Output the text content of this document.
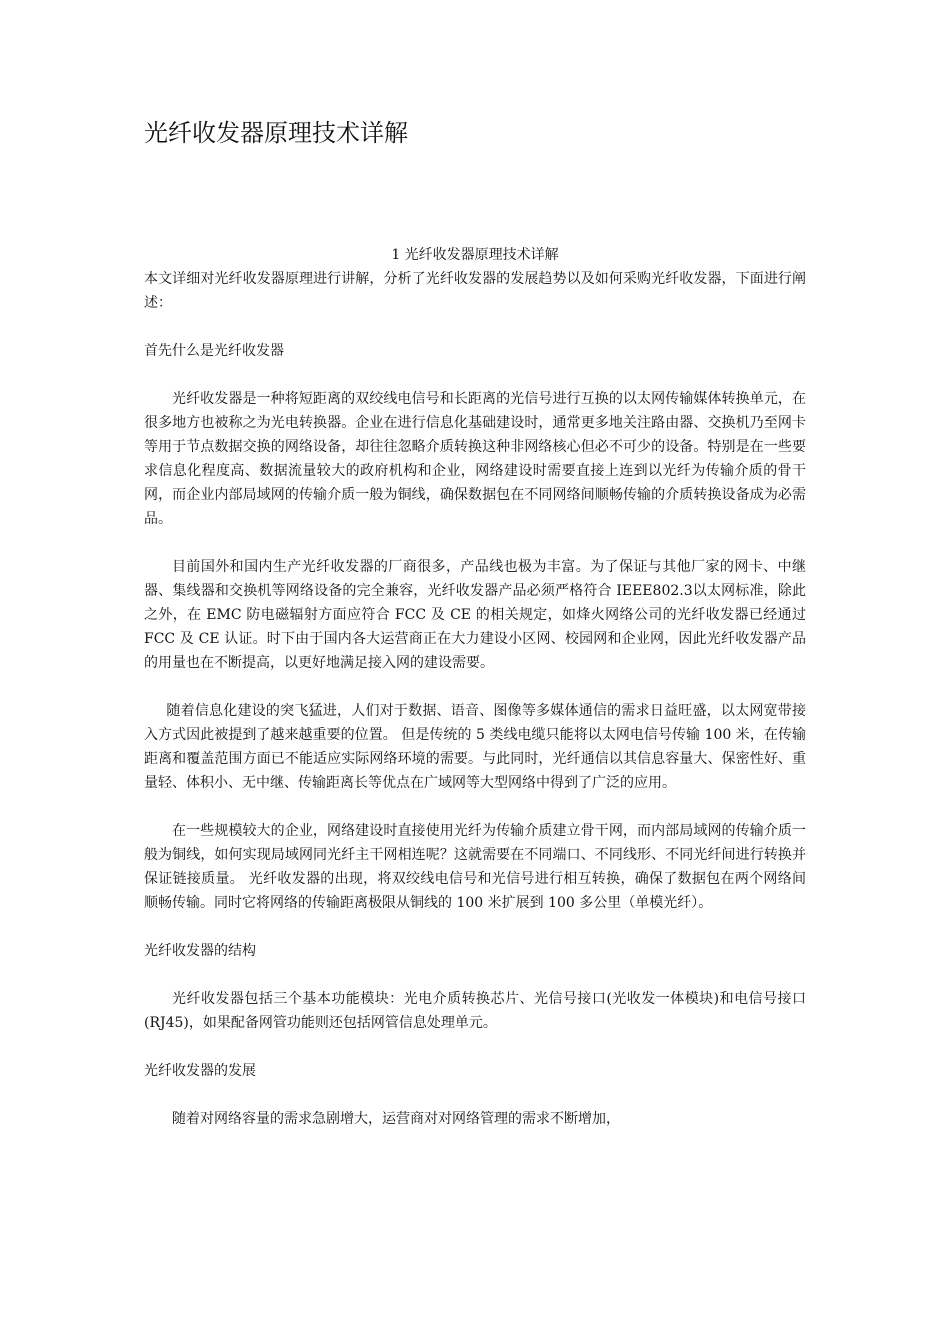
光纤收发器原理技术详解

1 光纤收发器原理技术详解

本文详细对光纤收发器原理进行讲解，分析了光纤收发器的发展趋势以及如何采购光纤收发器，下面进行阐述：

首先什么是光纤收发器

光纤收发器是一种将短距离的双绞线电信号和长距离的光信号进行互换的以太网传输媒体转换单元，在很多地方也被称之为光电转换器。企业在进行信息化基础建设时，通常更多地关注路由器、交换机乃至网卡等用于节点数据交换的网络设备，却往往忽略介质转换这种非网络核心但必不可少的设备。特别是在一些要求信息化程度高、数据流量较大的政府机构和企业，网络建设时需要直接上连到以光纤为传输介质的骨干网，而企业内部局域网的传输介质一般为铜线，确保数据包在不同网络间顺畅传输的介质转换设备成为必需品。

目前国外和国内生产光纤收发器的厂商很多，产品线也极为丰富。为了保证与其他厂家的网卡、中继器、集线器和交换机等网络设备的完全兼容，光纤收发器产品必须严格符合 IEEE802.3以太网标准，除此之外，在 EMC 防电磁辐射方面应符合 FCC 及 CE 的相关规定，如烽火网络公司的光纤收发器已经通过 FCC 及 CE 认证。时下由于国内各大运营商正在大力建设小区网、校园网和企业网，因此光纤收发器产品的用量也在不断提高，以更好地满足接入网的建设需要。

随着信息化建设的突飞猛进，人们对于数据、语音、图像等多媒体通信的需求日益旺盛，以太网宽带接入方式因此被提到了越来越重要的位置。 但是传统的 5 类线电缆只能将以太网电信号传输 100 米，在传输距离和覆盖范围方面已不能适应实际网络环境的需要。与此同时，光纤通信以其信息容量大、保密性好、重量轻、体积小、无中继、传输距离长等优点在广域网等大型网络中得到了广泛的应用。

在一些规模较大的企业，网络建设时直接使用光纤为传输介质建立骨干网，而内部局域网的传输介质一般为铜线，如何实现局域网同光纤主干网相连呢？这就需要在不同端口、不同线形、不同光纤间进行转换并保证链接质量。 光纤收发器的出现，将双绞线电信号和光信号进行相互转换，确保了数据包在两个网络间顺畅传输。同时它将网络的传输距离极限从铜线的 100 米扩展到 100 多公里（单模光纤）。

光纤收发器的结构

光纤收发器包括三个基本功能模块：光电介质转换芯片、光信号接口(光收发一体模块)和电信号接口(RJ45)，如果配备网管功能则还包括网管信息处理单元。

光纤收发器的发展

随着对网络容量的需求急剧增大，运营商对对网络管理的需求不断增加，
